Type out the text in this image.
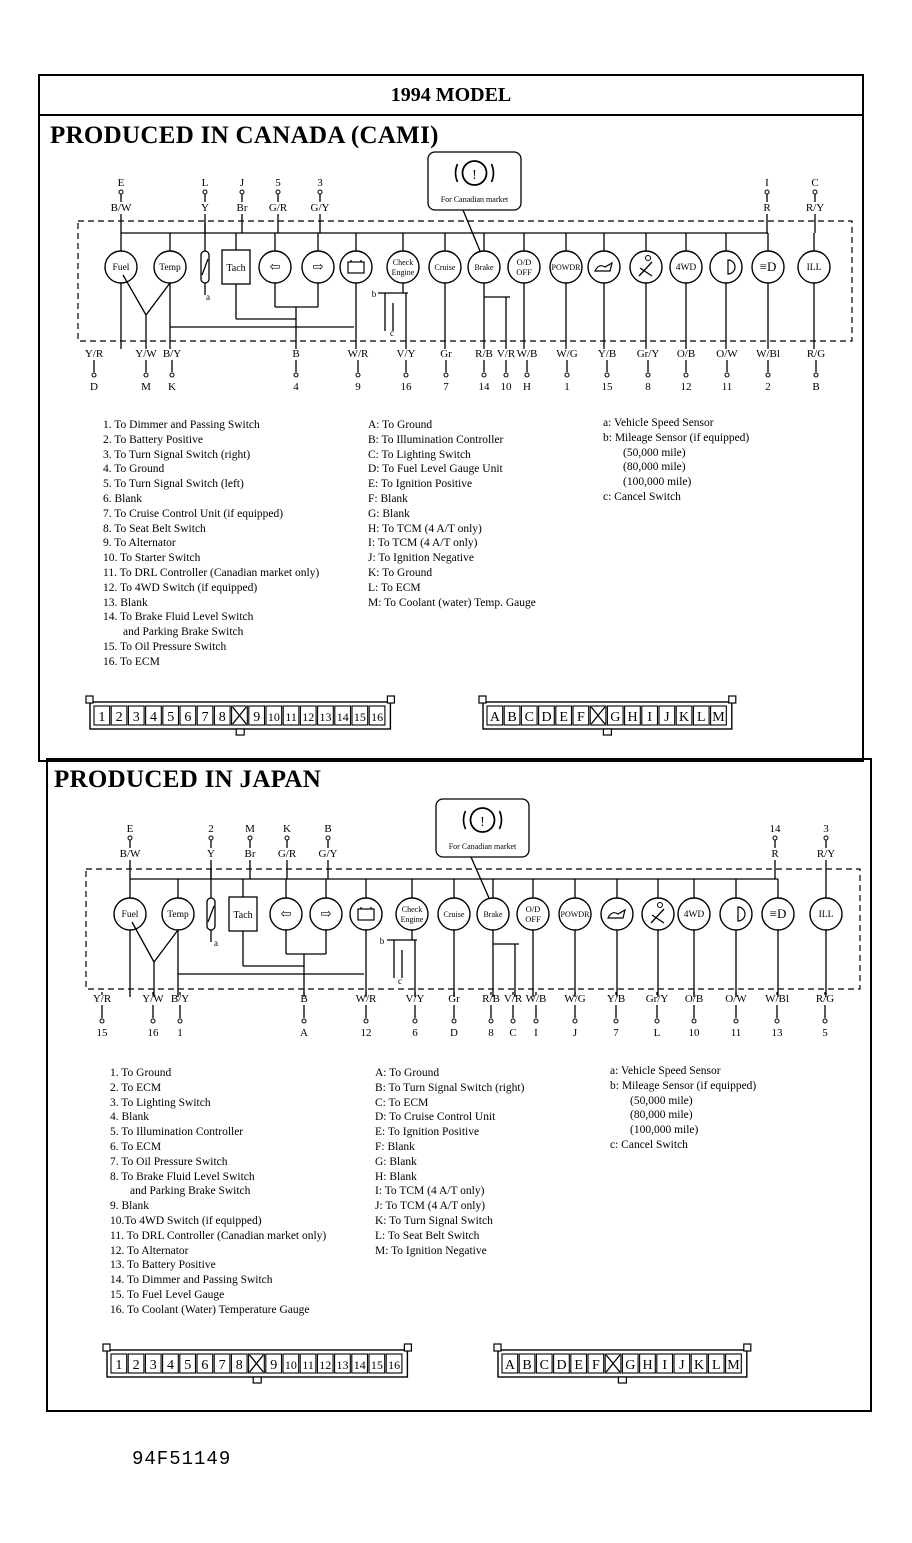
1994 MODEL
PRODUCED IN CANADA (CAMI)
!
For Canadian market
E
B/W
L
Y
J
Br
5
G/R
3
G/Y
I
R
C
R/Y
Fuel	Temp	Tach ⇦ ⇨	Check
Engine
Cruise Brake
O/D
OFF POWDR	4WD	≡D	ILL
a	b
c
Y/R
D
Y/W
M
B/Y
K
B
4
W/R
9
V/Y
16
Gr
7
R/B
14
V/R
10
W/B
H
W/G
1
Y/B
15
Gr/Y
8
O/B
12
O/W
11
W/Bl
2
R/G
B
1. To Dimmer and Passing Switch
2. To Battery Positive
3. To Turn Signal Switch (right)
4. To Ground
5. To Turn Signal Switch (left)
6. Blank
7. To Cruise Control Unit (if equipped)
8. To Seat Belt Switch
9. To Alternator
10. To Starter Switch
11. To DRL Controller (Canadian market only)
12. To 4WD Switch (if equipped)
13. Blank
14. To Brake Fluid Level Switch
and Parking Brake Switch
15. To Oil Pressure Switch
16. To ECM
A: To Ground
B: To Illumination Controller
C: To Lighting Switch
D: To Fuel Level Gauge Unit
E: To Ignition Positive
F: Blank
G: Blank
H: To TCM (4 A/T only)
I: To TCM (4 A/T only)
J: To Ignition Negative
K: To Ground
L: To ECM
M: To Coolant (water) Temp. Gauge
a: Vehicle Speed Sensor
b: Mileage Sensor (if equipped)
(50,000 mile)
(80,000 mile)
(100,000 mile)
c: Cancel Switch
1 2 3 4 5 6 7 8 9 10 11 12 13 14 15 16	A B C D E F G H I J K L M
PRODUCED IN JAPAN
!
For Canadian market
E
B/W
2
Y
M
Br
K
G/R
B
G/Y
14
R
3
R/Y
Fuel	Temp	Tach ⇦ ⇨	Check
Engine
Cruise Brake
O/D
OFF POWDR	4WD	≡D	ILL
a	b
c
Y/R
15
Y/W
16
B/Y
1
B
A
W/R
12
V/Y
6
Gr
D
R/B
8
V/R
C
W/B
I
W/G
J
Y/B
7
Gr/Y
L
O/B
10
O/W
11
W/Bl
13
R/G
5
1. To Ground
2. To ECM
3. To Lighting Switch
4. Blank
5. To Illumination Controller
6. To ECM
7. To Oil Pressure Switch
8. To Brake Fluid Level Switch
and Parking Brake Switch
9. Blank
10.To 4WD Switch (if equipped)
11. To DRL Controller (Canadian market only)
12. To Alternator
13. To Battery Positive
14. To Dimmer and Passing Switch
15. To Fuel Level Gauge
16. To Coolant (Water) Temperature Gauge
A: To Ground
B: To Turn Signal Switch (right)
C: To ECM
D: To Cruise Control Unit
E: To Ignition Positive
F: Blank
G: Blank
H: Blank
I: To TCM (4 A/T only)
J: To TCM (4 A/T only)
K: To Turn Signal Switch
L: To Seat Belt Switch
M: To Ignition Negative
a: Vehicle Speed Sensor
b: Mileage Sensor (if equipped)
(50,000 mile)
(80,000 mile)
(100,000 mile)
c: Cancel Switch
1 2 3 4 5 6 7 8 9 10 11 12 13 14 15 16	A B C D E F G H I J K L M
94F51149
